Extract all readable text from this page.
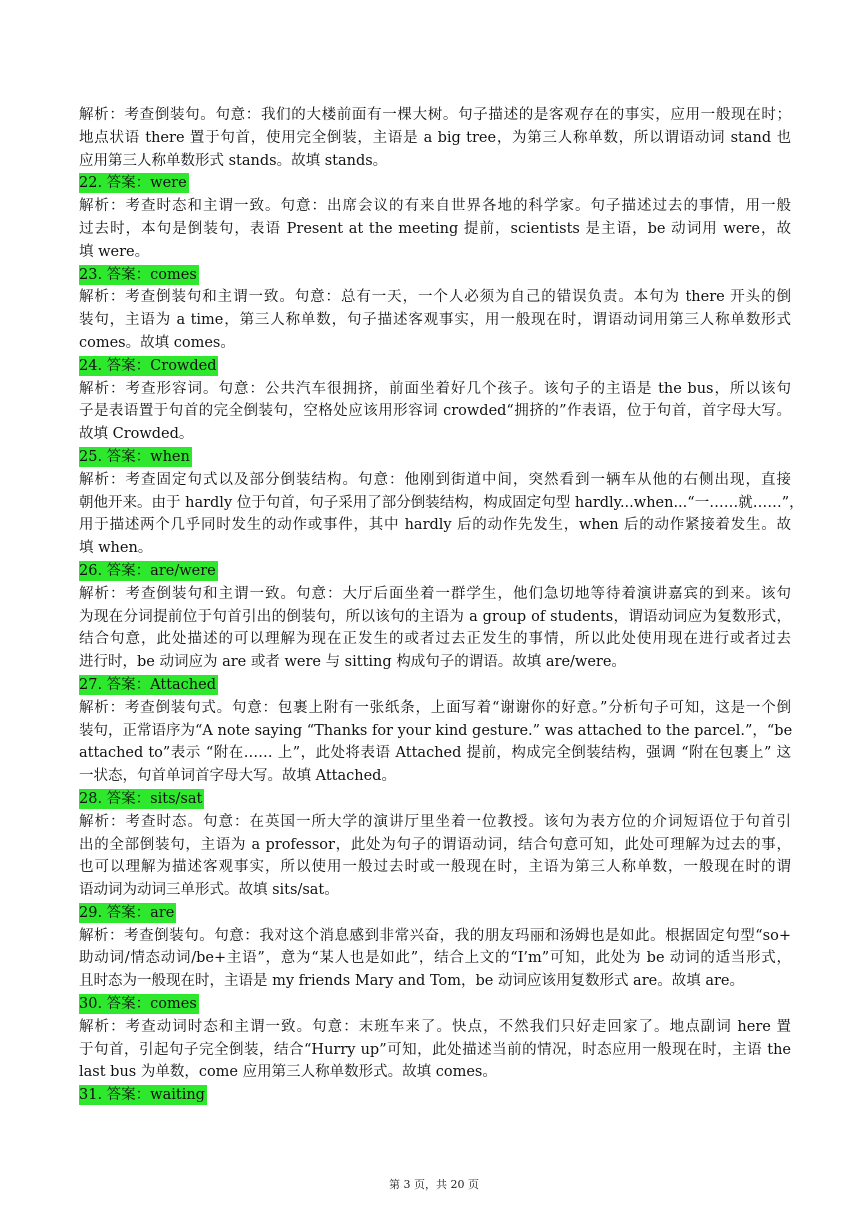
解析：考查倒装句。句意：我们的大楼前面有一棵大树。句子描述的是客观存在的事实，应用一般现在时；
地点状语 there 置于句首，使用完全倒装，主语是 a big tree，为第三人称单数，所以谓语动词 stand 也
应用第三人称单数形式 stands。故填 stands。
22. 答案：were
解析：考查时态和主谓一致。句意：出席会议的有来自世界各地的科学家。句子描述过去的事情，用一般
过去时，本句是倒装句，表语 Present at the meeting 提前，scientists 是主语，be 动词用 were，故
填 were。
23. 答案：comes
解析：考查倒装句和主谓一致。句意：总有一天，一个人必须为自己的错误负责。本句为 there 开头的倒
装句，主语为 a time，第三人称单数，句子描述客观事实，用一般现在时，谓语动词用第三人称单数形式
comes。故填 comes。
24. 答案：Crowded
解析：考查形容词。句意：公共汽车很拥挤，前面坐着好几个孩子。该句子的主语是 the bus，所以该句
子是表语置于句首的完全倒装句，空格处应该用形容词 crowded“拥挤的”作表语，位于句首，首字母大写。
故填 Crowded。
25. 答案：when
解析：考查固定句式以及部分倒装结构。句意：他刚到街道中间，突然看到一辆车从他的右侧出现，直接
朝他开来。由于 hardly 位于句首，句子采用了部分倒装结构，构成固定句型 hardly...when...“一……就……”，
用于描述两个几乎同时发生的动作或事件，其中 hardly 后的动作先发生，when 后的动作紧接着发生。故
填 when。
26. 答案：are/were
解析：考查倒装句和主谓一致。句意：大厅后面坐着一群学生，他们急切地等待着演讲嘉宾的到来。该句
为现在分词提前位于句首引出的倒装句，所以该句的主语为 a group of students，谓语动词应为复数形式，
结合句意，此处描述的可以理解为现在正发生的或者过去正发生的事情，所以此处使用现在进行或者过去
进行时，be 动词应为 are 或者 were 与 sitting 构成句子的谓语。故填 are/were。
27. 答案：Attached
解析：考查倒装句式。句意：包裹上附有一张纸条，上面写着“谢谢你的好意。”分析句子可知，这是一个倒
装句，正常语序为“A note saying “Thanks for your kind gesture.” was attached to the parcel.”，“be
attached to”表示 “附在…… 上”，此处将表语 Attached 提前，构成完全倒装结构，强调 “附在包裹上” 这
一状态，句首单词首字母大写。故填 Attached。
28. 答案：sits/sat
解析：考查时态。句意：在英国一所大学的演讲厅里坐着一位教授。该句为表方位的介词短语位于句首引
出的全部倒装句，主语为 a professor，此处为句子的谓语动词，结合句意可知，此处可理解为过去的事，
也可以理解为描述客观事实，所以使用一般过去时或一般现在时，主语为第三人称单数，一般现在时的谓
语动词为动词三单形式。故填 sits/sat。
29. 答案：are
解析：考查倒装句。句意：我对这个消息感到非常兴奋，我的朋友玛丽和汤姆也是如此。根据固定句型“so+
助动词/情态动词/be+主语”，意为“某人也是如此”，结合上文的“I’m”可知，此处为 be 动词的适当形式，
且时态为一般现在时，主语是 my friends Mary and Tom，be 动词应该用复数形式 are。故填 are。
30. 答案：comes
解析：考查动词时态和主谓一致。句意：末班车来了。快点，不然我们只好走回家了。地点副词 here 置
于句首，引起句子完全倒装，结合“Hurry up”可知，此处描述当前的情况，时态应用一般现在时，主语 the
last bus 为单数，come 应用第三人称单数形式。故填 comes。
31. 答案：waiting
第 3 页，共 20 页
